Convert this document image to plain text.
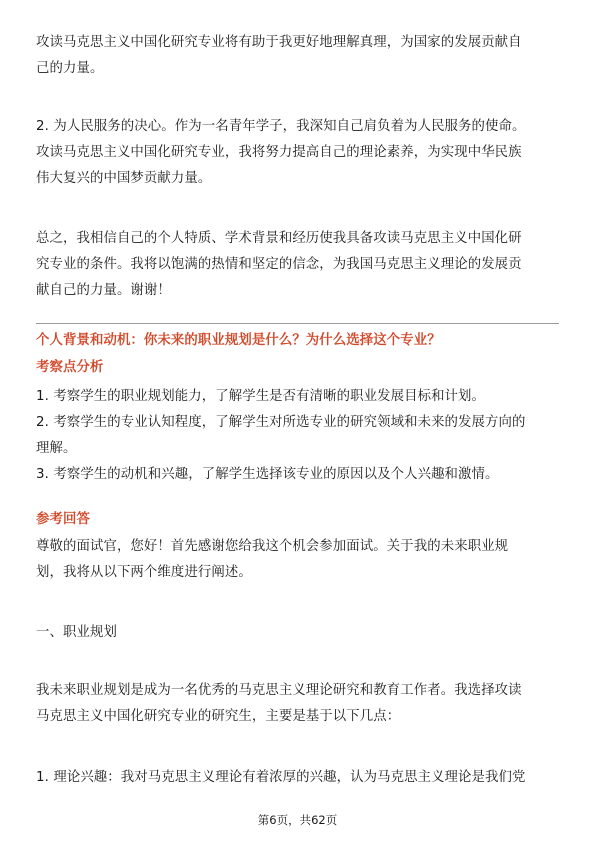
攻读马克思主义中国化研究专业将有助于我更好地理解真理，为国家的发展贡献自
己的力量。
2. 为人民服务的决心。作为一名青年学子，我深知自己肩负着为人民服务的使命。
攻读马克思主义中国化研究专业，我将努力提高自己的理论素养，为实现中华民族
伟大复兴的中国梦贡献力量。
总之，我相信自己的个人特质、学术背景和经历使我具备攻读马克思主义中国化研
究专业的条件。我将以饱满的热情和坚定的信念，为我国马克思主义理论的发展贡
献自己的力量。谢谢！
个人背景和动机：你未来的职业规划是什么？为什么选择这个专业？
考察点分析
1. 考察学生的职业规划能力，了解学生是否有清晰的职业发展目标和计划。
2. 考察学生的专业认知程度，了解学生对所选专业的研究领域和未来的发展方向的
理解。
3. 考察学生的动机和兴趣，了解学生选择该专业的原因以及个人兴趣和激情。
参考回答
尊敬的面试官，您好！首先感谢您给我这个机会参加面试。关于我的未来职业规
划，我将从以下两个维度进行阐述。
一、职业规划
我未来职业规划是成为一名优秀的马克思主义理论研究和教育工作者。我选择攻读
马克思主义中国化研究专业的研究生，主要是基于以下几点：
1. 理论兴趣：我对马克思主义理论有着浓厚的兴趣，认为马克思主义理论是我们党
第6页，共62页
